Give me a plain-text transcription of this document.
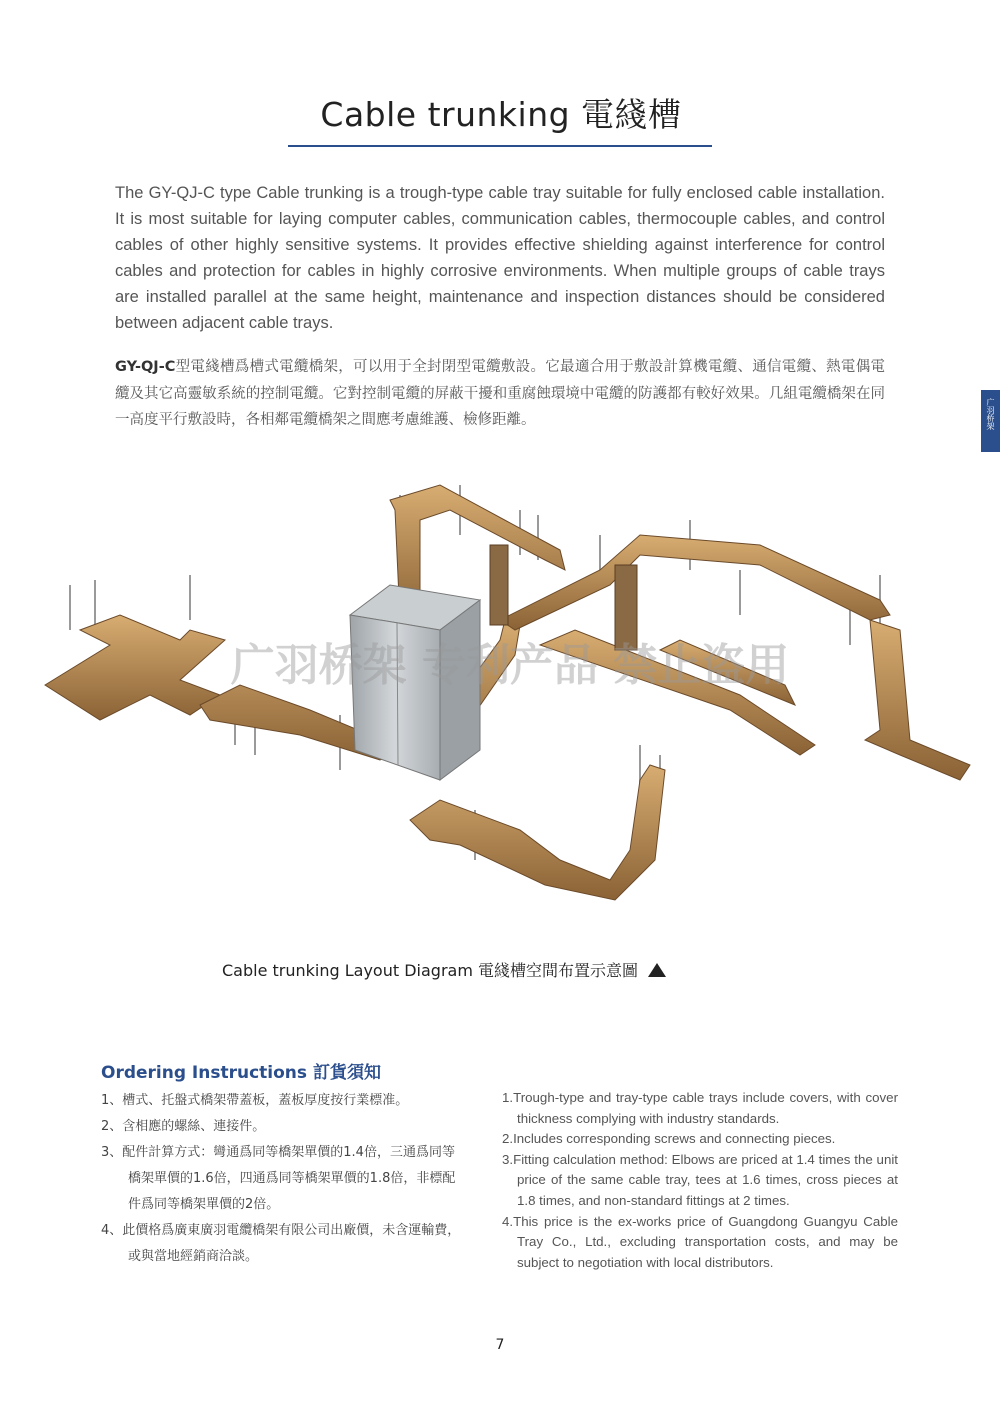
Cable trunking 電綫槽
广羽桥架

The GY-QJ-C type Cable trunking is a trough-type cable tray suitable for fully enclosed cable installation. It is most suitable for laying computer cables, communication cables, thermocouple cables, and control cables of other highly sensitive systems. It provides effective shielding against interference for control cables and protection for cables in highly corrosive environments. When multiple groups of cable trays are installed parallel at the same height, maintenance and inspection distances should be considered between adjacent cable trays.

GY-QJ-C型電綫槽爲槽式電纜橋架，可以用于全封閉型電纜敷設。它最適合用于敷設計算機電纜、通信電纜、熱電偶電纜及其它高靈敏系統的控制電纜。它對控制電纜的屏蔽干擾和重腐蝕環境中電纜的防護都有較好效果。几組電纜橋架在同一高度平行敷設時，各相鄰電纜橋架之間應考慮維護、檢修距離。

广羽桥架 专利产品 禁止盗用
Cable trunking Layout Diagram 電綫槽空間布置示意圖
Ordering Instructions 訂貨須知
1、槽式、托盤式橋架帶蓋板，蓋板厚度按行業標准。
2、含相應的螺絲、連接件。
3、配件計算方式：彎通爲同等橋架單價的1.4倍，三通爲同等橋架單價的1.6倍，四通爲同等橋架單價的1.8倍，非標配件爲同等橋架單價的2倍。
4、此價格爲廣東廣羽電纜橋架有限公司出廠價，未含運輸費，或與當地經銷商洽談。
1.Trough-type and tray-type cable trays include covers, with cover thickness complying with industry standards.
2.Includes corresponding screws and connecting pieces.
3.Fitting calculation method: Elbows are priced at 1.4 times the unit price of the same cable tray, tees at 1.6 times, cross pieces at 1.8 times, and non-standard fittings at 2 times.
4.This price is the ex-works price of Guangdong Guangyu Cable Tray Co., Ltd., excluding transportation costs, and may be subject to negotiation with local distributors.
7
